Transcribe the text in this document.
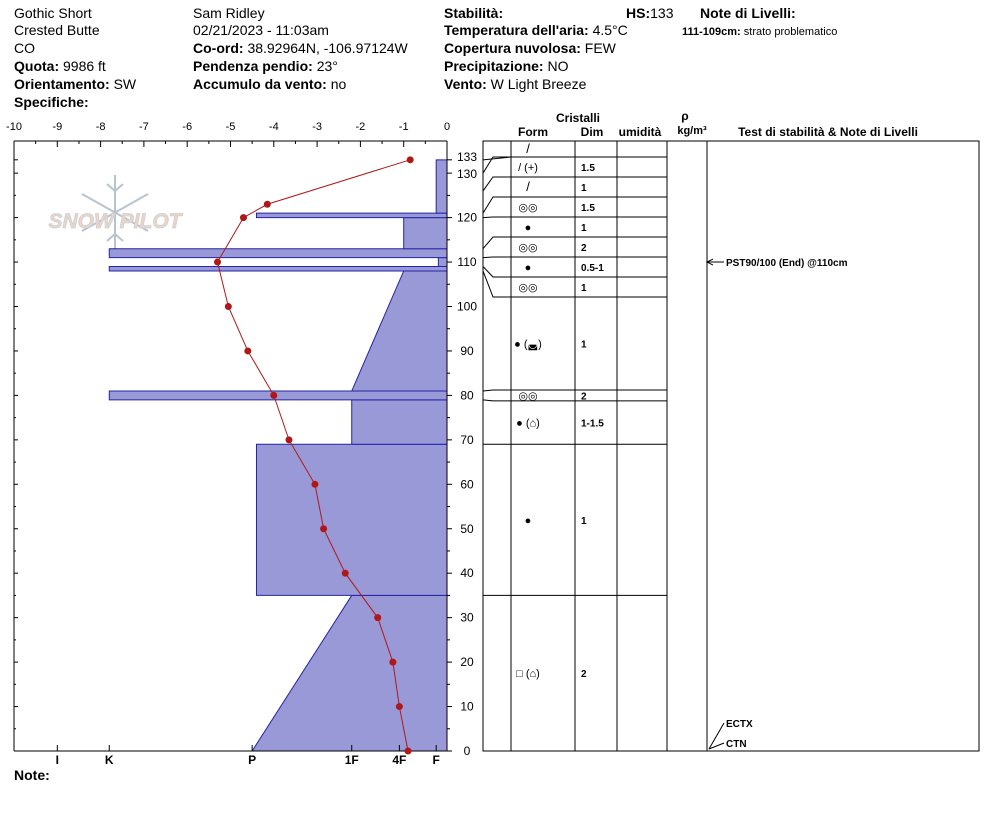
Gothic Short
Crested Butte
CO
Quota: 9986 ft
Orientamento: SW
Specifiche:
Sam Ridley
02/21/2023 - 11:03am
Co-ord: 38.92964N, -106.97124W
Pendenza pendio: 23°
Accumulo da vento: no
Stabilità:	HS:133
Temperatura dell'aria: 4.5°C
Copertura nuvolosa: FEW
Precipitazione: NO
Vento: W Light Breeze
Note di Livelli:
111-109cm: strato problematico
Note:
SNOW PILOT
-10	-9	-8	-7	-6	-5	-4	-3	-2	-1	0
I	K	P	1F	4F F
0
10
20
30
40
50
60
70
80
90
100
110
120
130
133
Cristalli
Form	Dim umidità
ρ
kg/m³	Test di stabilità & Note di Livelli
/
/ (+)	1.5
/	1
◎◎	1.5
●	1
◎◎	2
●	0.5-1
◎◎	1
● (◛)	1
◎◎	2
● (⌂)	1-1.5
●	1
□ (⌂)	2
PST90/100 (End) @110cm
ECTX
CTN
